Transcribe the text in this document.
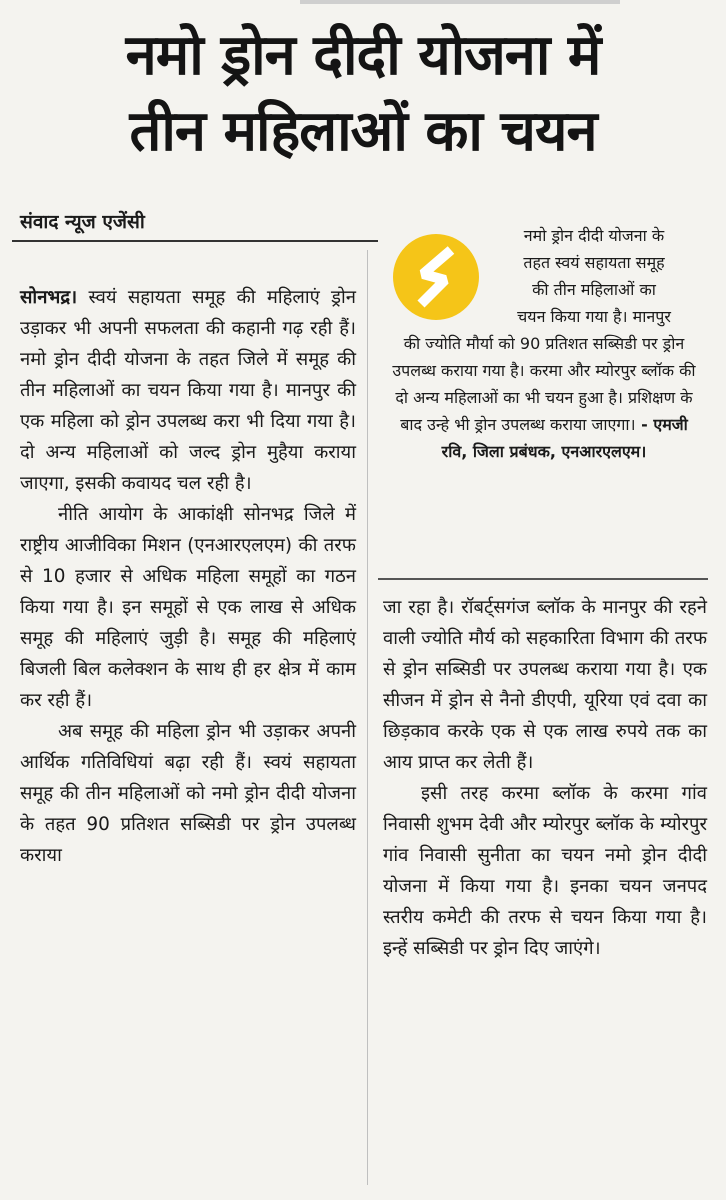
नमो ड्रोन दीदी योजना में
तीन महिलाओं का चयन
संवाद न्यूज एजेंसी

सोनभद्र। स्वयं सहायता समूह की महिलाएं ड्रोन उड़ाकर भी अपनी सफलता की कहानी गढ़ रही हैं। नमो ड्रोन दीदी योजना के तहत जिले में समूह की तीन महिलाओं का चयन किया गया है। मानपुर की एक महिला को ड्रोन उपलब्ध करा भी दिया गया है। दो अन्य महिलाओं को जल्द ड्रोन मुहैया कराया जाएगा, इसकी कवायद चल रही है।

नीति आयोग के आकांक्षी सोनभद्र जिले में राष्ट्रीय आजीविका मिशन (एनआरएलएम) की तरफ से 10 हजार से अधिक महिला समूहों का गठन किया गया है। इन समूहों से एक लाख से अधिक समूह की महिलाएं जुड़ी है। समूह की महिलाएं बिजली बिल कलेक्शन के साथ ही हर क्षेत्र में काम कर रही हैं।

अब समूह की महिला ड्रोन भी उड़ाकर अपनी आर्थिक गतिविधियां बढ़ा रही हैं। स्वयं सहायता समूह की तीन महिलाओं को नमो ड्रोन दीदी योजना के तहत 90 प्रतिशत सब्सिडी पर ड्रोन उपलब्ध कराया

नमो ड्रोन दीदी योजना के
तहत स्वयं सहायता समूह
की तीन महिलाओं का
चयन किया गया है। मानपुर
की ज्योति मौर्या को 90 प्रतिशत सब्सिडी पर ड्रोन उपलब्ध कराया गया है। करमा और म्योरपुर ब्लॉक की दो अन्य महिलाओं का भी चयन हुआ है। प्रशिक्षण के बाद उन्हे भी ड्रोन उपलब्ध कराया जाएगा। - एमजी रवि, जिला प्रबंधक, एनआरएलएम।

जा रहा है। रॉबर्ट्सगंज ब्लॉक के मानपुर की रहने वाली ज्योति मौर्य को सहकारिता विभाग की तरफ से ड्रोन सब्सिडी पर उपलब्ध कराया गया है। एक सीजन में ड्रोन से नैनो डीएपी, यूरिया एवं दवा का छिड़काव करके एक से एक लाख रुपये तक का आय प्राप्त कर लेती हैं।

इसी तरह करमा ब्लॉक के करमा गांव निवासी शुभम देवी और म्योरपुर ब्लॉक के म्योरपुर गांव निवासी सुनीता का चयन नमो ड्रोन दीदी योजना में किया गया है। इनका चयन जनपद स्तरीय कमेटी की तरफ से चयन किया गया है। इन्हें सब्सिडी पर ड्रोन दिए जाएंगे।
